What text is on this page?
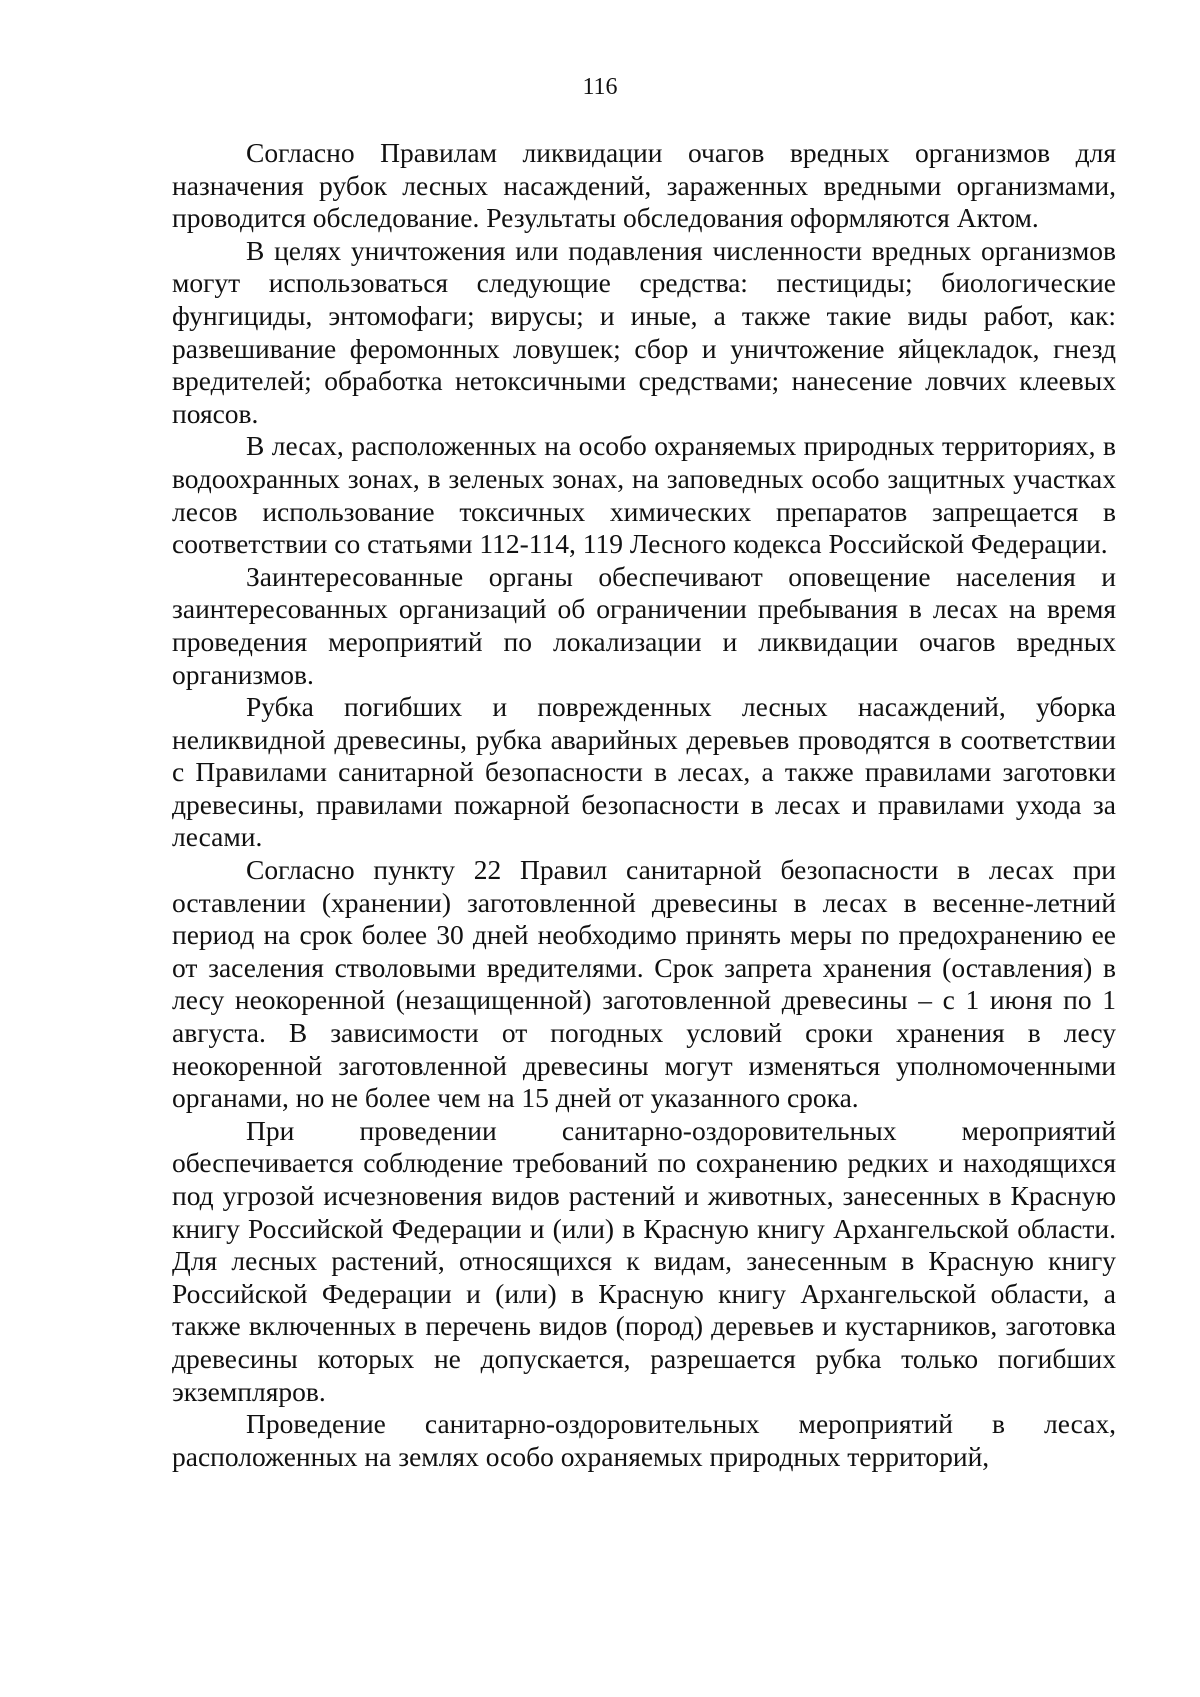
116

Согласно Правилам ликвидации очагов вредных организмов для назначения рубок лесных насаждений, зараженных вредными организмами, проводится обследование. Результаты обследования оформляются Актом.

В целях уничтожения или подавления численности вредных организмов могут использоваться следующие средства: пестициды; биологические фунгициды, энтомофаги; вирусы; и иные, а также такие виды работ, как: развешивание феромонных ловушек; сбор и уничтожение яйцекладок, гнезд вредителей; обработка нетоксичными средствами; нанесение ловчих клеевых поясов.

В лесах, расположенных на особо охраняемых природных территориях, в водоохранных зонах, в зеленых зонах, на заповедных особо защитных участках лесов использование токсичных химических препаратов запрещается в соответствии со статьями 112-114, 119 Лесного кодекса Российской Федерации.

Заинтересованные органы обеспечивают оповещение населения и заинтересованных организаций об ограничении пребывания в лесах на время проведения мероприятий по локализации и ликвидации очагов вредных организмов.

Рубка погибших и поврежденных лесных насаждений, уборка неликвидной древесины, рубка аварийных деревьев проводятся в соответствии с Правилами санитарной безопасности в лесах, а также правилами заготовки древесины, правилами пожарной безопасности в лесах и правилами ухода за лесами.

Согласно пункту 22 Правил санитарной безопасности в лесах при оставлении (хранении) заготовленной древесины в лесах в весенне-летний период на срок более 30 дней необходимо принять меры по предохранению ее от заселения стволовыми вредителями. Срок запрета хранения (оставления) в лесу неокоренной (незащищенной) заготовленной древесины – с 1 июня по 1 августа. В зависимости от погодных условий сроки хранения в лесу неокоренной заготовленной древесины могут изменяться уполномоченными органами, но не более чем на 15 дней от указанного срока.

При проведении санитарно-оздоровительных мероприятий обеспечивается соблюдение требований по сохранению редких и находящихся под угрозой исчезновения видов растений и животных, занесенных в Красную книгу Российской Федерации и (или) в Красную книгу Архангельской области. Для лесных растений, относящихся к видам, занесенным в Красную книгу Российской Федерации и (или) в Красную книгу Архангельской области, а также включенных в перечень видов (пород) деревьев и кустарников, заготовка древесины которых не допускается, разрешается рубка только погибших экземпляров.

Проведение санитарно-оздоровительных мероприятий в лесах, расположенных на землях особо охраняемых природных территорий,
